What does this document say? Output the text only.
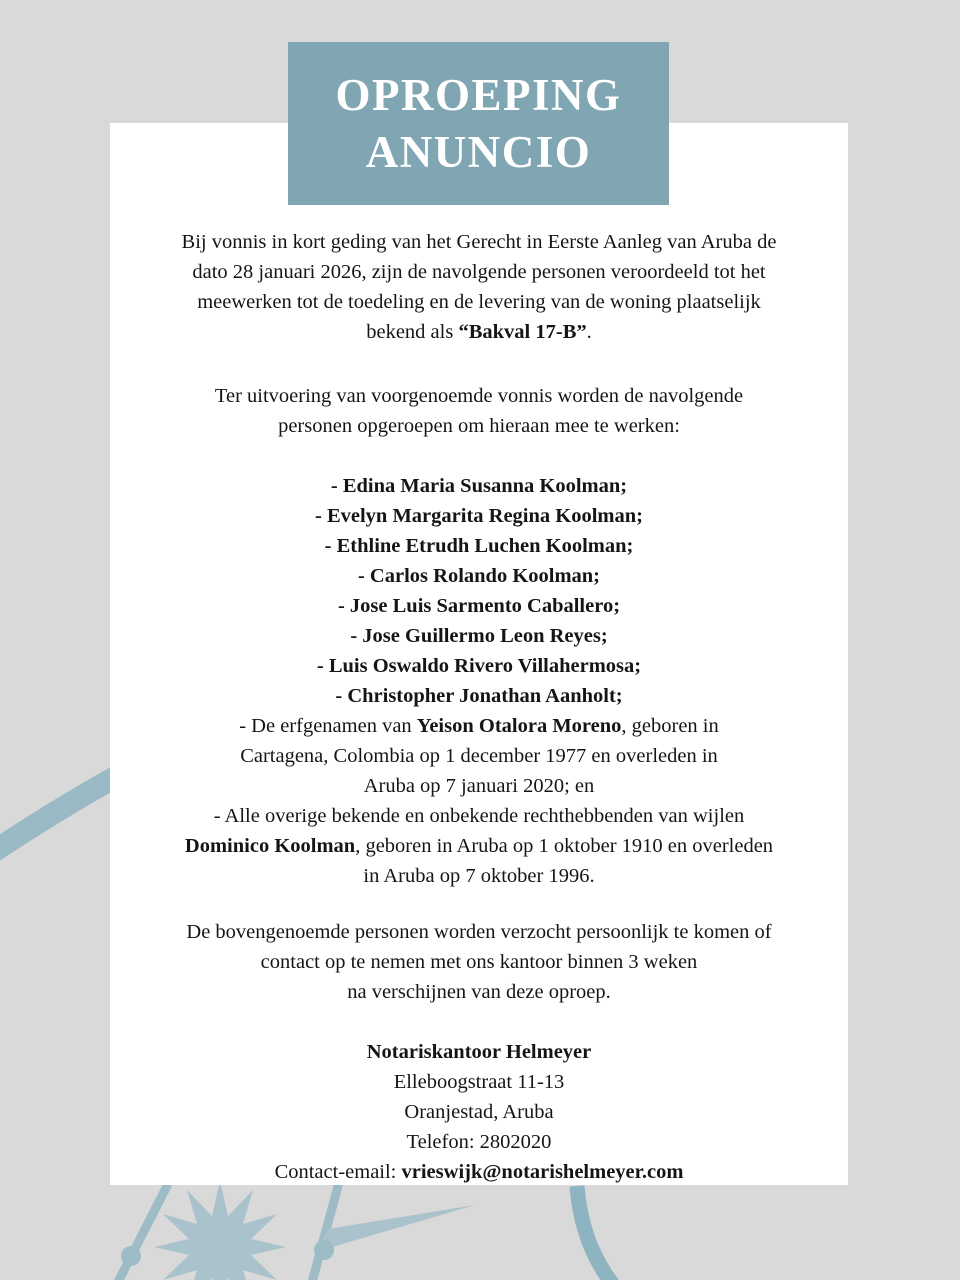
Bij vonnis in kort geding van het Gerecht in Eerste Aanleg van Aruba de
dato 28 januari 2026, zijn de navolgende personen veroordeeld tot het
meewerken tot de toedeling en de levering van de woning plaatselijk
bekend als “Bakval 17-B”.
Ter uitvoering van voorgenoemde vonnis worden de navolgende
personen opgeroepen om hieraan mee te werken:
- Edina Maria Susanna Koolman;
- Evelyn Margarita Regina Koolman;
- Ethline Etrudh Luchen Koolman;
- Carlos Rolando Koolman;
- Jose Luis Sarmento Caballero;
- Jose Guillermo Leon Reyes;
- Luis Oswaldo Rivero Villahermosa;
- Christopher Jonathan Aanholt;
- De erfgenamen van Yeison Otalora Moreno, geboren in
Cartagena, Colombia op 1 december 1977 en overleden in
Aruba op 7 januari 2020; en
- Alle overige bekende en onbekende rechthebbenden van wijlen
Dominico Koolman, geboren in Aruba op 1 oktober 1910 en overleden
in Aruba op 7 oktober 1996.
De bovengenoemde personen worden verzocht persoonlijk te komen of
contact op te nemen met ons kantoor binnen 3 weken
na verschijnen van deze oproep.
Notariskantoor Helmeyer
Elleboogstraat 11-13
Oranjestad, Aruba
Telefon: 2802020
Contact-email: vrieswijk@notarishelmeyer.com
OPROEPING
ANUNCIO
